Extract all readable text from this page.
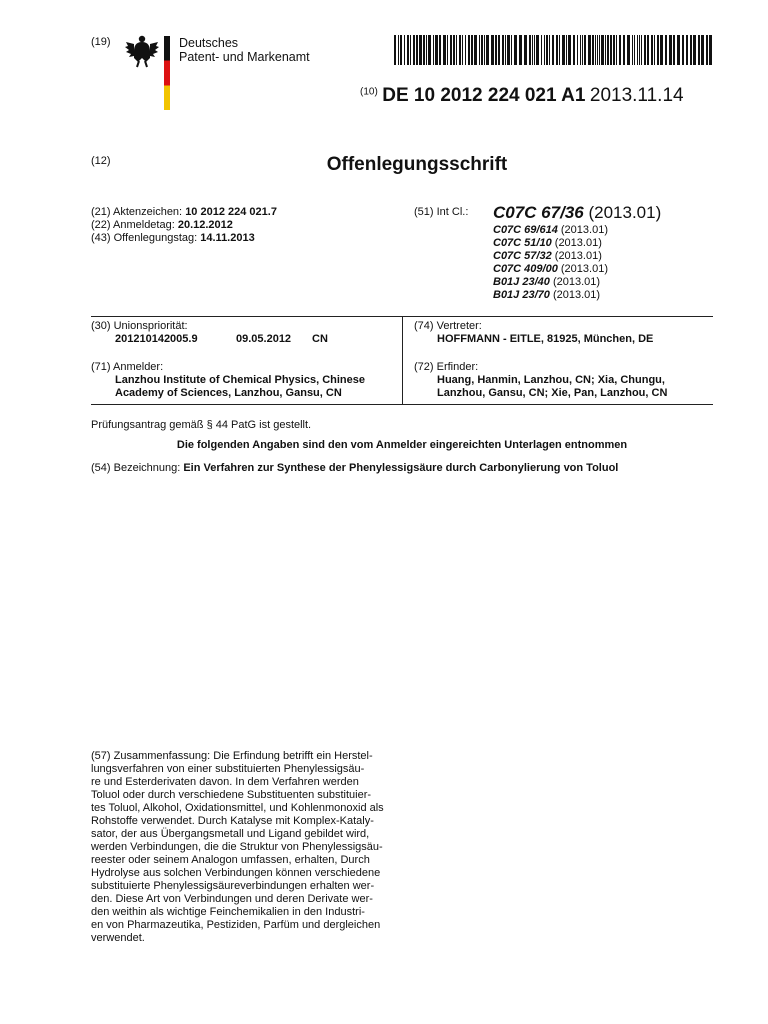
(19)	Deutsches
Patent- und Markenamt
$^{(10)}$ DE 10 2012 224 021 A1 2013.11.14
(12)	Offenlegungsschrift
(21) Aktenzeichen: 10 2012 224 021.7
(22) Anmeldetag: 20.12.2012
(43) Offenlegungstag: 14.11.2013
(51) Int Cl.: C07C 67/36 (2013.01)
C07C 69/614 (2013.01)
C07C 51/10 (2013.01)
C07C 57/32 (2013.01)
C07C 409/00 (2013.01)
B01J 23/40 (2013.01)
B01J 23/70 (2013.01)
(30) Unionspriorität:
201210142005.9	09.05.2012 CN
(74) Vertreter:
HOFFMANN - EITLE, 81925, München, DE
(71) Anmelder:
Lanzhou Institute of Chemical Physics, Chinese
Academy of Sciences, Lanzhou, Gansu, CN
(72) Erfinder:
Huang, Hanmin, Lanzhou, CN; Xia, Chungu,
Lanzhou, Gansu, CN; Xie, Pan, Lanzhou, CN
Prüfungsantrag gemäß § 44 PatG ist gestellt.
Die folgenden Angaben sind den vom Anmelder eingereichten Unterlagen entnommen
(54) Bezeichnung: Ein Verfahren zur Synthese der Phenylessigsäure durch Carbonylierung von Toluol
(57) Zusammenfassung: Die Erfindung betrifft ein Herstel-
lungsverfahren von einer substituierten Phenylessigsäu-
re und Esterderivaten davon. In dem Verfahren werden
Toluol oder durch verschiedene Substituenten substituier-
tes Toluol, Alkohol, Oxidationsmittel, und Kohlenmonoxid als
Rohstoffe verwendet. Durch Katalyse mit Komplex-Kataly-
sator, der aus Übergangsmetall und Ligand gebildet wird,
werden Verbindungen, die die Struktur von Phenylessigsäu-
reester oder seinem Analogon umfassen, erhalten, Durch
Hydrolyse aus solchen Verbindungen können verschiedene
substituierte Phenylessigsäureverbindungen erhalten wer-
den. Diese Art von Verbindungen und deren Derivate wer-
den weithin als wichtige Feinchemikalien in den Industri-
en von Pharmazeutika, Pestiziden, Parfüm und dergleichen
verwendet.
